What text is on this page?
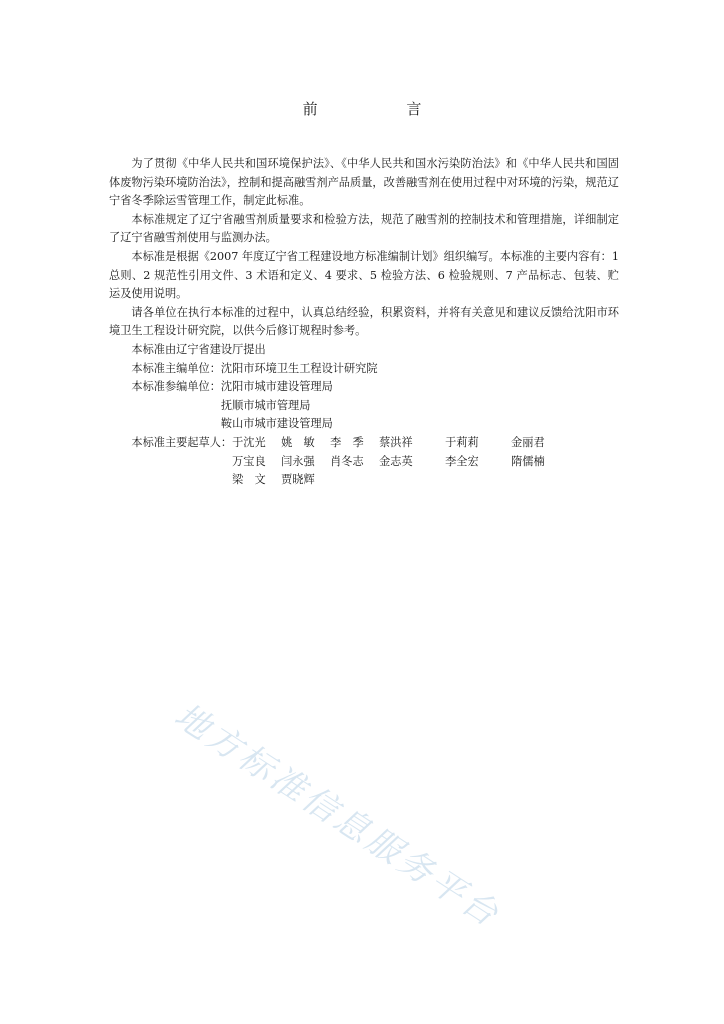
前 言

为了贯彻《中华人民共和国环境保护法》、《中华人民共和国水污染防治法》和《中华人民共和国固体废物污染环境防治法》，控制和提高融雪剂产品质量，改善融雪剂在使用过程中对环境的污染，规范辽宁省冬季除运雪管理工作，制定此标准。

本标准规定了辽宁省融雪剂质量要求和检验方法，规范了融雪剂的控制技术和管理措施，详细制定了辽宁省融雪剂使用与监测办法。

本标准是根据《2007 年度辽宁省工程建设地方标准编制计划》组织编写。本标准的主要内容有：1 总则、2 规范性引用文件、3 术语和定义、4 要求、5 检验方法、6 检验规则、7 产品标志、包装、贮运及使用说明。

请各单位在执行本标准的过程中，认真总结经验，积累资料，并将有关意见和建议反馈给沈阳市环境卫生工程设计研究院，以供今后修订规程时参考。

本标准由辽宁省建设厅提出

本标准主编单位： 沈阳市环境卫生工程设计研究院
本标准参编单位： 沈阳市城市建设管理局
抚顺市城市管理局
鞍山市城市建设管理局
本标准主要起草人： 于沈光	姚　敏	李　季	蔡洪祥	于莉莉	金丽君
万宝良	闫永强	肖冬志	金志英	李全宏	隋儒楠
梁　文	贾晓辉
地方标准信息服务平台
